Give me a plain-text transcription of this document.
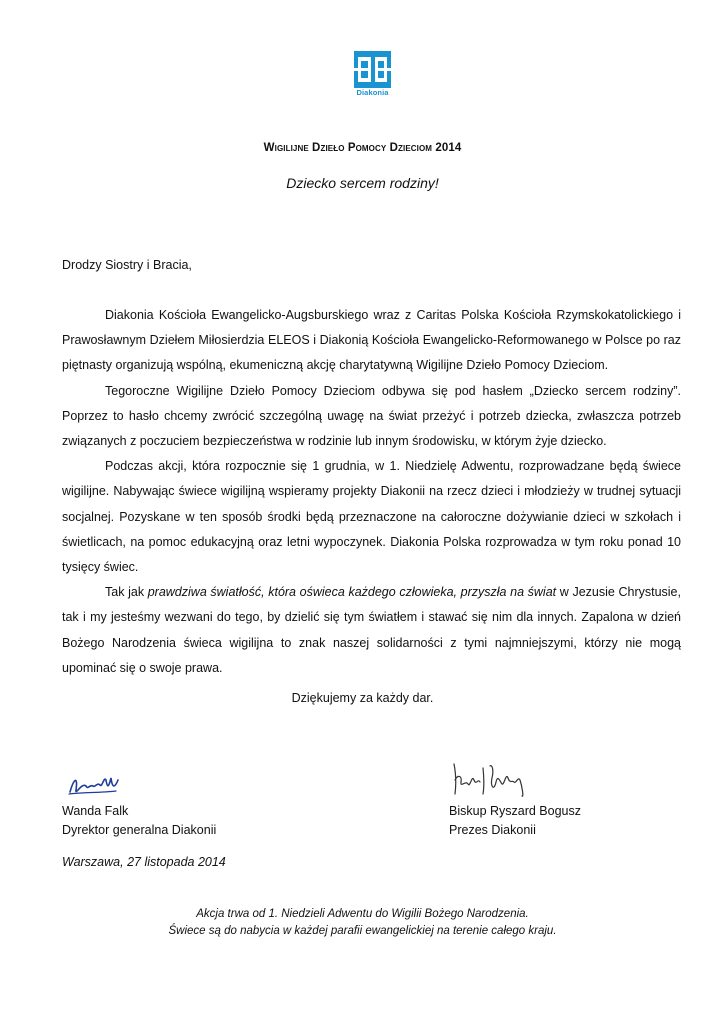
Diakonia
Wigilijne Dzieło Pomocy Dzieciom 2014
Dziecko sercem rodziny!
Drodzy Siostry i Bracia,

Diakonia Kościoła Ewangelicko-Augsburskiego wraz z Caritas Polska Kościoła Rzymskokatolickiego i Prawosławnym Dziełem Miłosierdzia ELEOS i Diakonią Kościoła Ewangelicko-Reformowanego w Polsce po raz piętnasty organizują wspólną, ekumeniczną akcję charytatywną Wigilijne Dzieło Pomocy Dzieciom.

Tegoroczne Wigilijne Dzieło Pomocy Dzieciom odbywa się pod hasłem „Dziecko sercem rodziny”. Poprzez to hasło chcemy zwrócić szczególną uwagę na świat przeżyć i potrzeb dziecka, zwłaszcza potrzeb związanych z poczuciem bezpieczeństwa w rodzinie lub innym środowisku, w którym żyje dziecko.

Podczas akcji, która rozpocznie się 1 grudnia, w 1. Niedzielę Adwentu, rozprowadzane będą świece wigilijne. Nabywając świece wigilijną wspieramy projekty Diakonii na rzecz dzieci i młodzieży w trudnej sytuacji socjalnej. Pozyskane w ten sposób środki będą przeznaczone na całoroczne dożywianie dzieci w szkołach i świetlicach, na pomoc edukacyjną oraz letni wypoczynek. Diakonia Polska rozprowadza w tym roku ponad 10 tysięcy świec.

Tak jak prawdziwa światłość, która oświeca każdego człowieka, przyszła na świat w Jezusie Chrystusie, tak i my jesteśmy wezwani do tego, by dzielić się tym światłem i stawać się nim dla innych. Zapalona w dzień Bożego Narodzenia świeca wigilijna to znak naszej solidarności z tymi najmniejszymi, którzy nie mogą upominać się o swoje prawa.

Dziękujemy za każdy dar.
Wanda Falk
Dyrektor generalna Diakonii
Biskup Ryszard Bogusz
Prezes Diakonii
Warszawa, 27 listopada 2014
Akcja trwa od 1. Niedzieli Adwentu do Wigilii Bożego Narodzenia.
Świece są do nabycia w każdej parafii ewangelickiej na terenie całego kraju.
